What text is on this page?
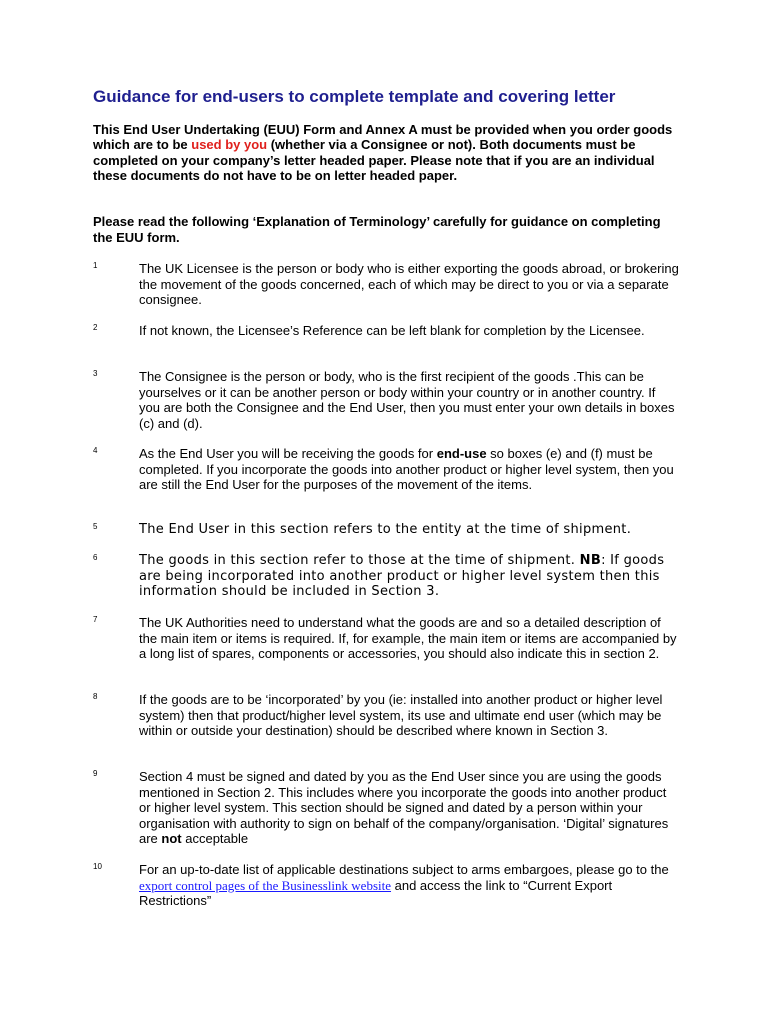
Guidance for end-users to complete template and covering letter
This End User Undertaking (EUU) Form and Annex A must be provided when you order goods which are to be used by you (whether via a Consignee or not). Both documents must be completed on your company’s letter headed paper. Please note that if you are an individual these documents do not have to be on letter headed paper.
Please read the following ‘Explanation of Terminology’ carefully for guidance on completing the EUU form.
1	The UK Licensee is the person or body who is either exporting the goods abroad, or brokering the movement of the goods concerned, each of which may be direct to you or via a separate consignee.
2	If not known, the Licensee’s Reference can be left blank for completion by the Licensee.
3	The Consignee is the person or body, who is the first recipient of the goods .This can be yourselves or it can be another person or body within your country or in another country. If you are both the Consignee and the End User, then you must enter your own details in boxes (c) and (d).
4	As the End User you will be receiving the goods for end-use so boxes (e) and (f) must be completed. If you incorporate the goods into another product or higher level system, then you are still the End User for the purposes of the movement of the items.
5	The End User in this section refers to the entity at the time of shipment.
6	The goods in this section refer to those at the time of shipment. NB: If goods are being incorporated into another product or higher level system then this information should be included in Section 3.
7	The UK Authorities need to understand what the goods are and so a detailed description of the main item or items is required. If, for example, the main item or items are accompanied by a long list of spares, components or accessories, you should also indicate this in section 2.
8	If the goods are to be ‘incorporated’ by you (ie: installed into another product or higher level system) then that product/higher level system, its use and ultimate end user (which may be within or outside your destination) should be described where known in Section 3.
9	Section 4 must be signed and dated by you as the End User since you are using the goods mentioned in Section 2. This includes where you incorporate the goods into another product or higher level system. This section should be signed and dated by a person within your organisation with authority to sign on behalf of the company/organisation. ‘Digital’ signatures are not acceptable
10	For an up-to-date list of applicable destinations subject to arms embargoes, please go to the export control pages of the Businesslink website and access the link to “Current Export Restrictions”
